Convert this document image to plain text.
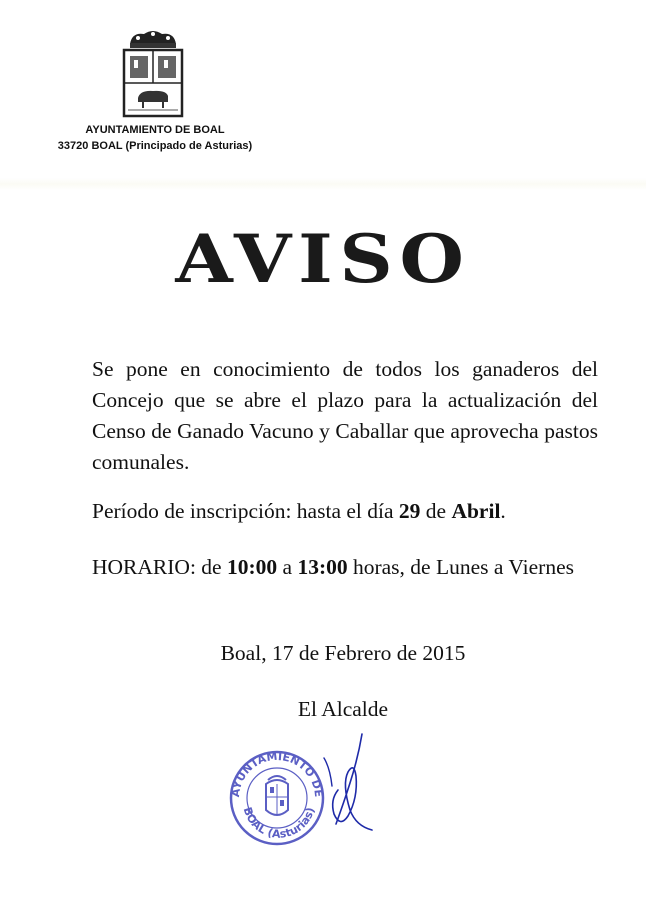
AYUNTAMIENTO DE BOAL
33720 BOAL (Principado de Asturias)
AVISO
Se pone en conocimiento de todos los ganaderos del Concejo que se abre el plazo para la actualización del Censo de Ganado Vacuno y Caballar que aprovecha pastos comunales.
Período de inscripción: hasta el día 29 de Abril.
HORARIO: de 10:00 a 13:00 horas, de Lunes a Viernes
Boal, 17 de Febrero de 2015
El Alcalde
AYUNTAMIENTO DE
BOAL (Asturias)
